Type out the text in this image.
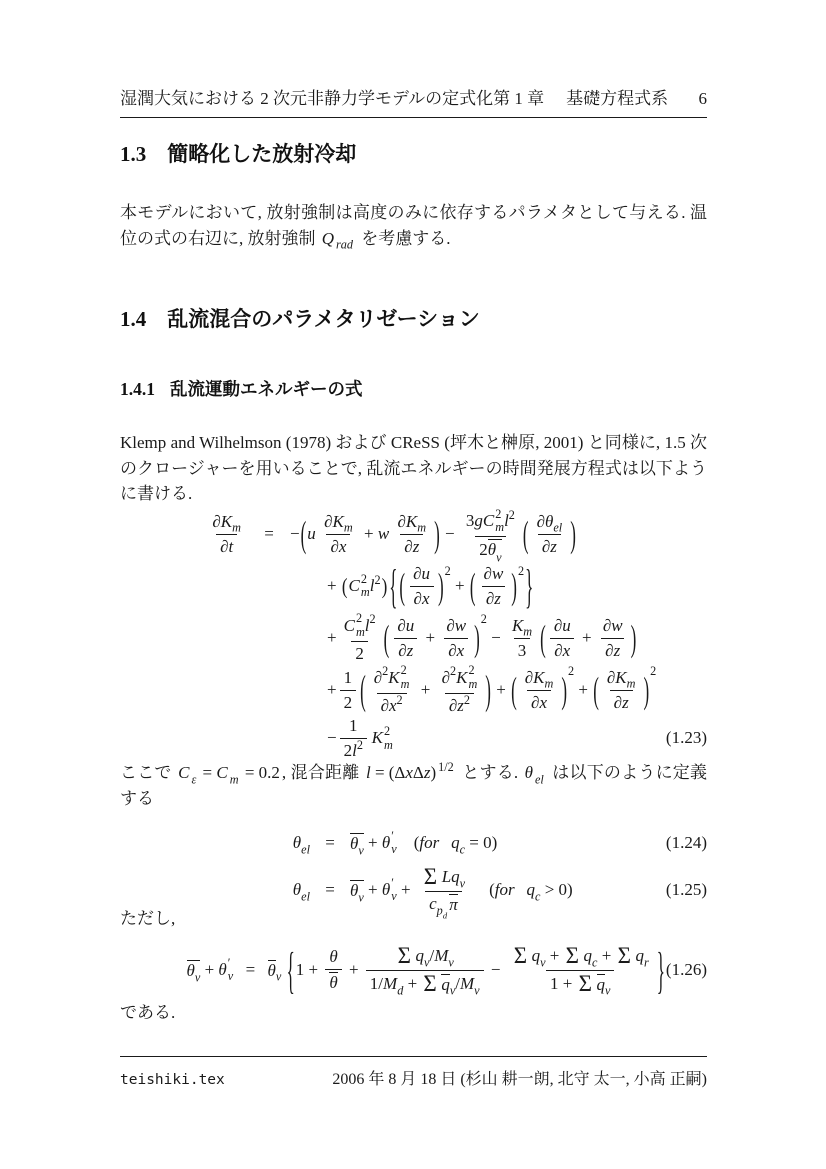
湿潤大気における 2 次元非静力学モデルの定式化第 1 章 基礎方程式系 6
1.3 簡略化した放射冷却

本モデルにおいて, 放射強制は高度のみに依存するパラメタとして与える. 温位の式の右辺に, 放射強制 Q $_{rad}$ を考慮する.

1.4 乱流混合のパラメタリゼーション
1.4.1 乱流運動エネルギーの式

Klemp and Wilhelmson (1978) および CReSS (坪木と榊原, 2001) と同様に, 1.5 次のクロージャーを用いることで, 乱流エネルギーの時間発展方程式は以下ように書ける.

∂K $_m$
∂t
= − ( u
∂K $_m$
∂x
+ w
∂K $_m$
∂z ) − 3 g C 2
m l $^2$
2 θ $_v$ ( ∂θ $_{el}$
∂z )
+ ( C 2
m l $^2$ ) { ( ∂u
∂x ) $^2$
+ ( ∂w
∂z ) $^2$ }
+ C 2
m l $^2$
2 ( ∂u
∂z
+ $\frac{\partial w}{\partial x}$ ) $^2$
− $\frac{K _m}{3}$ ( ∂u
∂x
+ $\frac{\partial w}{\partial z}$ )
+ $\frac{1}{2}$ ( ∂ $^2$ K 2
m
∂x $^2$
+ ∂ $^2$ K 2
m
∂z $^2$ ) + ( ∂K $_m$
∂x ) $^2$
+ ( ∂K $_m$
∂z ) $^2$
− $\frac{1}{2 l ^2}$ K 2
m	(1.23)

ここで C $_\varepsilon$ = C $_m$ = 0.2 , 混合距離 l = (Δ x Δ z ) $^{1/2}$ とする. θ $_{el}$ は以下のように定義する

θ $_{el}$ = θ $_v$ + θ ′
v ( for q $_c$ = 0)	(1.24)
θ $_{el}$ = θ $_v$ + θ ′
v +
Σ Lq $_v$
c $_{p _d}$
π
( for q $_c$ > 0)	(1.25)

ただし,

θ $_v$ + θ ′
v = θ $_v$ { $1 + \frac{\theta}{\theta}$ +
Σ q $_v$ / M $_v$
1/ M $_d$ + Σ q $_v$ / M $_v$
−
Σ q $_v$ + Σ q $_c$ + Σ q $_r$
1 + Σ q $_v$	} (1.26)

である.

teishiki.tex	2006 年 8 月 18 日 (杉山 耕一朗, 北守 太一, 小高 正嗣)
